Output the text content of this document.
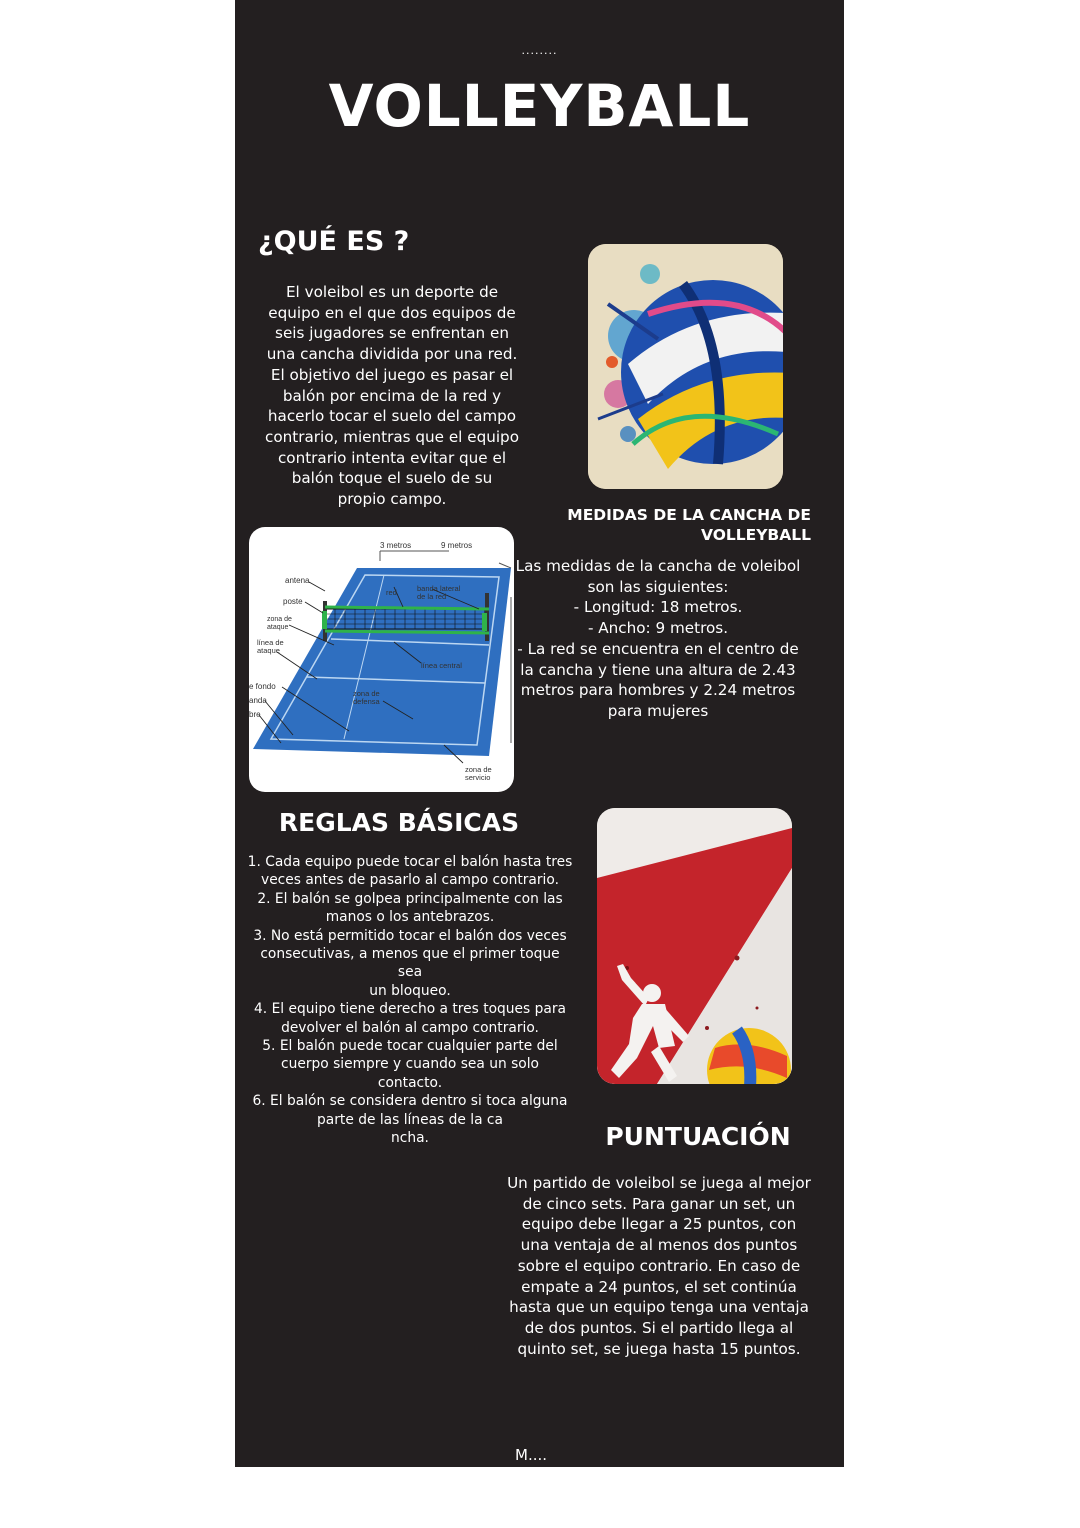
........
VOLLEYBALL
¿QUÉ ES ?
El voleibol es un deporte de
equipo en el que dos equipos de
seis jugadores se enfrentan en
una cancha dividida por una red.
El objetivo del juego es pasar el
balón por encima de la red y
hacerlo tocar el suelo del campo
contrario, mientras que el equipo
contrario intenta evitar que el
balón toque el suelo de su
propio campo.
3 metros	9 metros
antena
poste
zona de
ataque
línea de
ataque
red	banda lateral
de la red
línea central
e fondo
anda
bre
zona de
defensa
zona de
servicio
MEDIDAS DE LA CANCHA DE
VOLLEYBALL
Las medidas de la cancha de voleibol
son las siguientes:
- Longitud: 18 metros.
- Ancho: 9 metros.
- La red se encuentra en el centro de
la cancha y tiene una altura de 2.43
metros para hombres y 2.24 metros
para mujeres
REGLAS BÁSICAS
1. Cada equipo puede tocar el balón hasta tres
veces antes de pasarlo al campo contrario.
2. El balón se golpea principalmente con las
manos o los antebrazos.
3. No está permitido tocar el balón dos veces
consecutivas, a menos que el primer toque sea
un bloqueo.
4. El equipo tiene derecho a tres toques para
devolver el balón al campo contrario.
5. El balón puede tocar cualquier parte del
cuerpo siempre y cuando sea un solo contacto.
6. El balón se considera dentro si toca alguna
parte de las líneas de la ca
ncha.	PUNTUACIÓN
Un partido de voleibol se juega al mejor
de cinco sets. Para ganar un set, un
equipo debe llegar a 25 puntos, con
una ventaja de al menos dos puntos
sobre el equipo contrario. En caso de
empate a 24 puntos, el set continúa
hasta que un equipo tenga una ventaja
de dos puntos. Si el partido llega al
quinto set, se juega hasta 15 puntos.
M....
